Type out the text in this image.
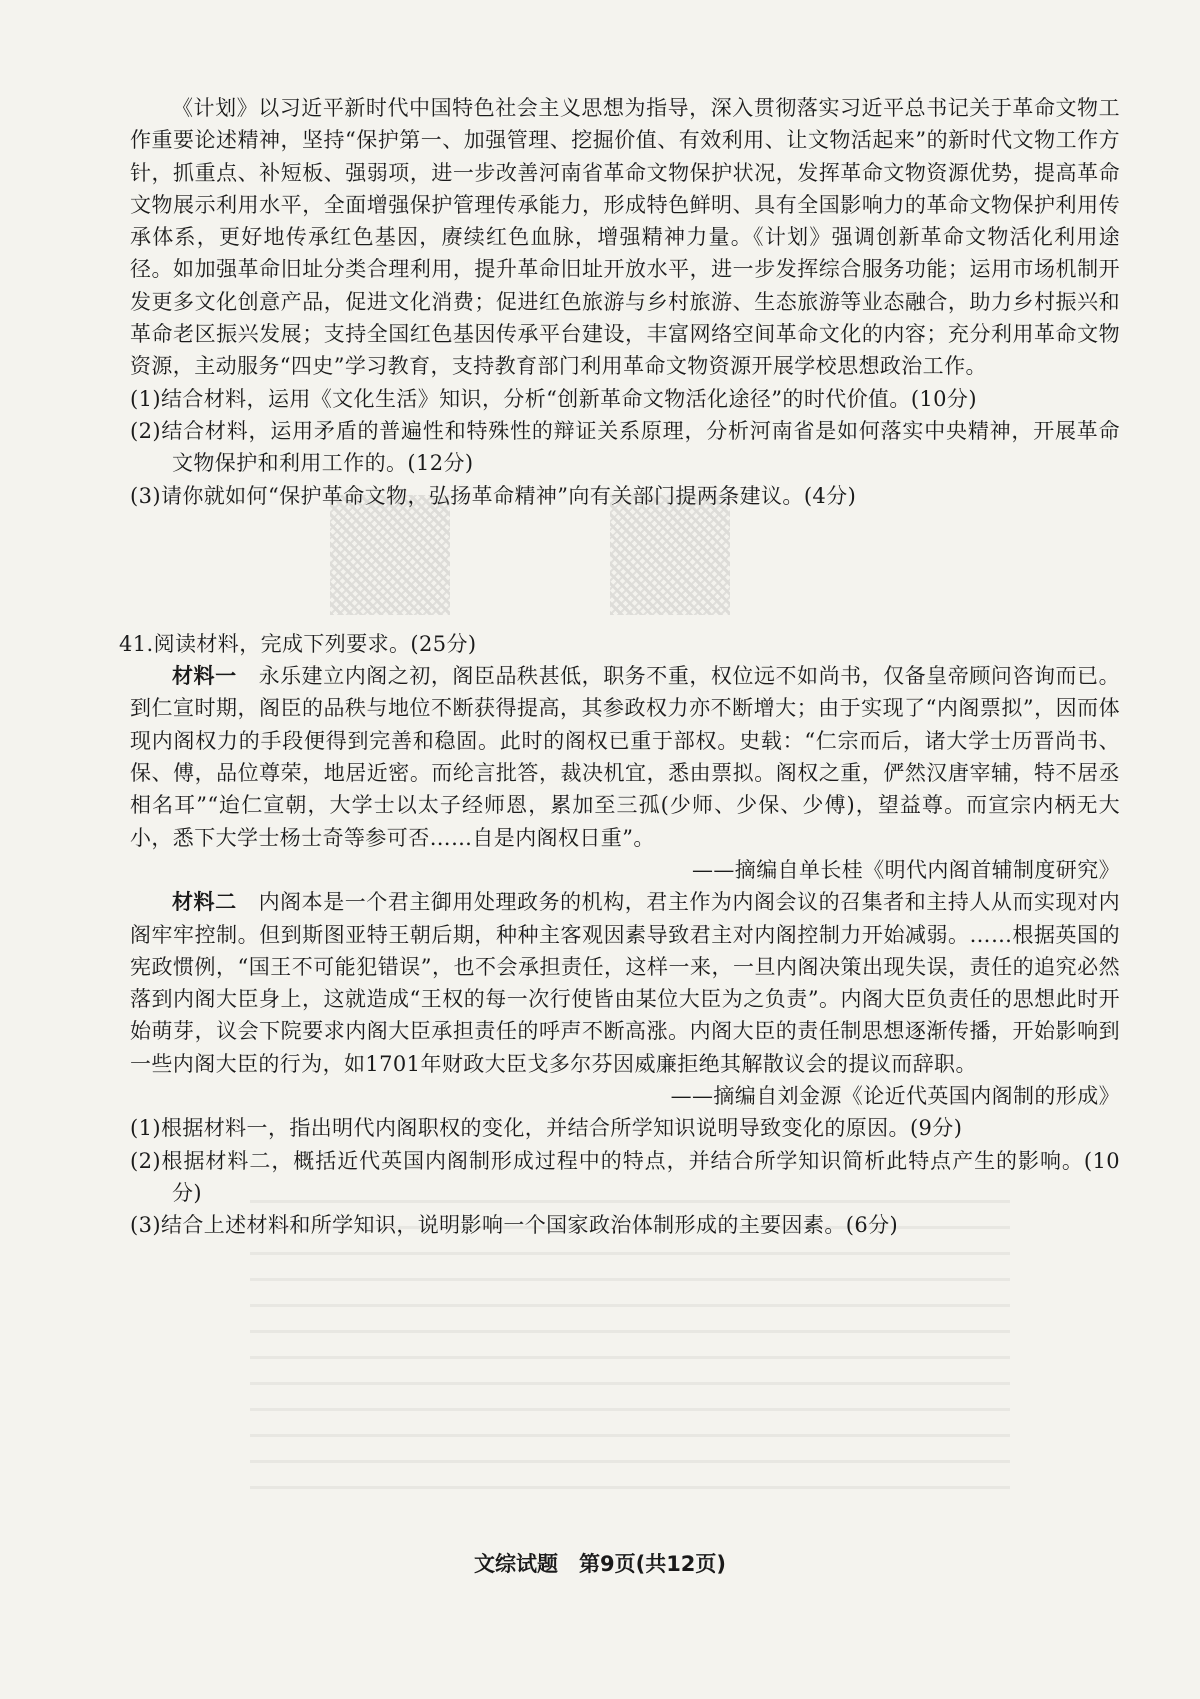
《计划》以习近平新时代中国特色社会主义思想为指导，深入贯彻落实习近平总书记关于革命文物工作重要论述精神，坚持“保护第一、加强管理、挖掘价值、有效利用、让文物活起来”的新时代文物工作方针，抓重点、补短板、强弱项，进一步改善河南省革命文物保护状况，发挥革命文物资源优势，提高革命文物展示利用水平，全面增强保护管理传承能力，形成特色鲜明、具有全国影响力的革命文物保护利用传承体系，更好地传承红色基因，赓续红色血脉，增强精神力量。《计划》强调创新革命文物活化利用途径。如加强革命旧址分类合理利用，提升革命旧址开放水平，进一步发挥综合服务功能；运用市场机制开发更多文化创意产品，促进文化消费；促进红色旅游与乡村旅游、生态旅游等业态融合，助力乡村振兴和革命老区振兴发展；支持全国红色基因传承平台建设，丰富网络空间革命文化的内容；充分利用革命文物资源，主动服务“四史”学习教育，支持教育部门利用革命文物资源开展学校思想政治工作。

(1)结合材料，运用《文化生活》知识，分析“创新革命文物活化途径”的时代价值。(10分)

(2)结合材料，运用矛盾的普遍性和特殊性的辩证关系原理，分析河南省是如何落实中央精神，开展革命文物保护和利用工作的。(12分)

(3)请你就如何“保护革命文物，弘扬革命精神”向有关部门提两条建议。(4分)

41.阅读材料，完成下列要求。(25分)

材料一   永乐建立内阁之初，阁臣品秩甚低，职务不重，权位远不如尚书，仅备皇帝顾问咨询而已。到仁宣时期，阁臣的品秩与地位不断获得提高，其参政权力亦不断增大；由于实现了“内阁票拟”，因而体现内阁权力的手段便得到完善和稳固。此时的阁权已重于部权。史载：“仁宗而后，诸大学士历晋尚书、保、傅，品位尊荣，地居近密。而纶言批答，裁决机宜，悉由票拟。阁权之重，俨然汉唐宰辅，特不居丞相名耳”“迨仁宣朝，大学士以太子经师恩，累加至三孤(少师、少保、少傅)，望益尊。而宣宗内柄无大小，悉下大学士杨士奇等参可否……自是内阁权日重”。

——摘编自单长桂《明代内阁首辅制度研究》

材料二   内阁本是一个君主御用处理政务的机构，君主作为内阁会议的召集者和主持人从而实现对内阁牢牢控制。但到斯图亚特王朝后期，种种主客观因素导致君主对内阁控制力开始减弱。……根据英国的宪政惯例，“国王不可能犯错误”，也不会承担责任，这样一来，一旦内阁决策出现失误，责任的追究必然落到内阁大臣身上，这就造成“王权的每一次行使皆由某位大臣为之负责”。内阁大臣负责任的思想此时开始萌芽，议会下院要求内阁大臣承担责任的呼声不断高涨。内阁大臣的责任制思想逐渐传播，开始影响到一些内阁大臣的行为，如1701年财政大臣戈多尔芬因威廉拒绝其解散议会的提议而辞职。

——摘编自刘金源《论近代英国内阁制的形成》

(1)根据材料一，指出明代内阁职权的变化，并结合所学知识说明导致变化的原因。(9分)

(2)根据材料二，概括近代英国内阁制形成过程中的特点，并结合所学知识简析此特点产生的影响。(10分)

(3)结合上述材料和所学知识，说明影响一个国家政治体制形成的主要因素。(6分)

文综试题　第9页(共12页)
